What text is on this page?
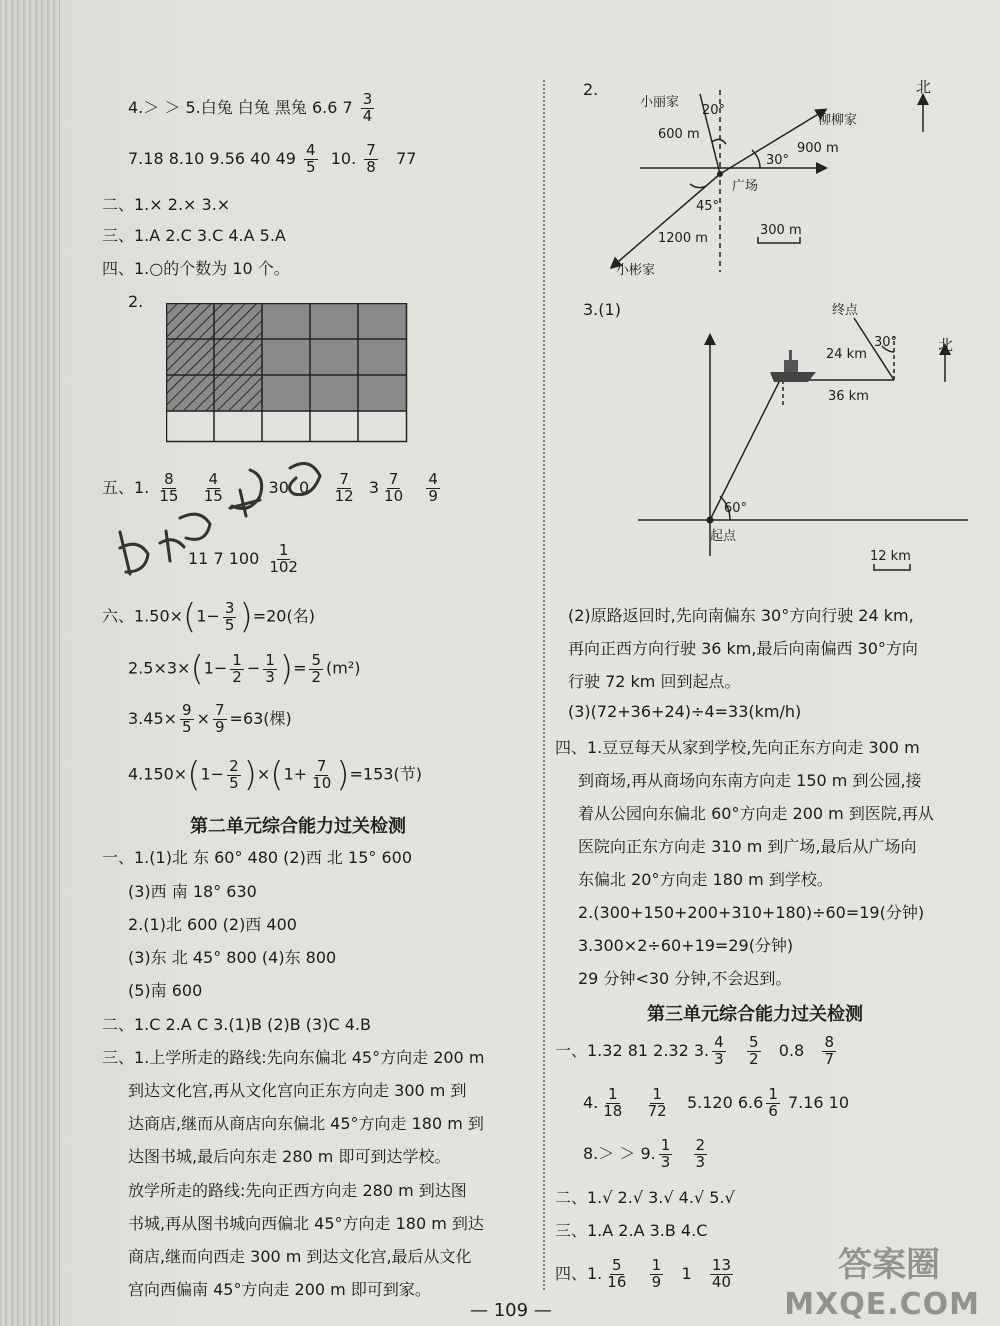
4.＞ ＞ 5.白兔 白兔 黑兔 6.6 $7 \frac{3}{4}$
7.18 8.10 9.56 40 $49 \frac{4}{5} 10$. $\frac{7}{8} 77$
二、1.× 2.× 3.×
三、1.A 2.C 3.C 4.A 5.A
四、1.○的个数为 10 个。
2.
五、1. $\frac{8}{15}$
$\frac{4}{15}$	30 $0 \frac{7}{12} 3 \frac{7}{10}$
$\frac{4}{9}$
11 7 $100 \frac{1}{102}$
六、$1.50\times(1- \frac{3}{5} )=20$(名)
$2.5\times 3\times(1- \frac{1}{2} - \frac{1}{3}$ )= $\frac{5}{2} (m^2)$
$3.45\times \frac{9}{5} \times \frac{7}{9} =63$(棵)
$4.150\times(1- \frac{2}{5} )\times(1+ \frac{7}{10} )=153$(节)
第二单元综合能力过关检测
一、1.(1)北 东 60° 480 (2)西 北 15° 600
(3)西 南 18° 630
2.(1)北 600 (2)西 400
(3)东 北 45° 800 (4)东 800
(5)南 600
二、1.C 2.A C 3.(1)B (2)B (3)C 4.B
三、1.上学所走的路线:先向东偏北 45°方向走 200 m
到达文化宫,再从文化宫向正东方向走 300 m 到
达商店,继而从商店向东偏北 45°方向走 180 m 到
达图书城,最后向东走 280 m 即可到达学校。
放学所走的路线:先向正西方向走 280 m 到达图
书城,再从图书城向西偏北 45°方向走 180 m 到达
商店,继而向西走 300 m 到达文化宫,最后从文化
宫向西偏南 45°方向走 200 m 即可到家。
2.	北
小丽家
柳柳家
小彬家
广场
600 m
900 m
1200 m
20°
30°
45°
300 m
3.(1)	终点
北
24 km
36 km
30°
60°
起点
12 km
(2)原路返回时,先向南偏东 30°方向行驶 24 km,
再向正西方向行驶 36 km,最后向南偏西 30°方向
行驶 72 km 回到起点。
(3)(72+36+24)÷4=33(km/h)
四、1.豆豆每天从家到学校,先向正东方向走 300 m
到商场,再从商场向东南方向走 150 m 到公园,接
着从公园向东偏北 60°方向走 200 m 到医院,再从
医院向正东方向走 310 m 到广场,最后从广场向
东偏北 20°方向走 180 m 到学校。
2.(300+150+200+310+180)÷60=19(分钟)
3.300×2÷60+19=29(分钟)
29 分钟<30 分钟,不会迟到。
第三单元综合能力过关检测
一、1.32 81 2.32 3. $\frac{4}{3}$
$\frac{5}{2} 0.8 \frac{8}{7}$
4. $\frac{1}{18}$
$\frac{1}{72} 5.120$ $6.6 \frac{1}{6} 7.16$ 10
8.＞ ＞ 9. $\frac{1}{3}$
$\frac{2}{3}$
二、1.√ 2.√ 3.√ 4.√ 5.√
三、1.A 2.A 3.B 4.C
四、1. $\frac{5}{16}$
$\frac{1}{9} 1 \frac{13}{40}$
— 109 —
答案圈
MXQE.COM
